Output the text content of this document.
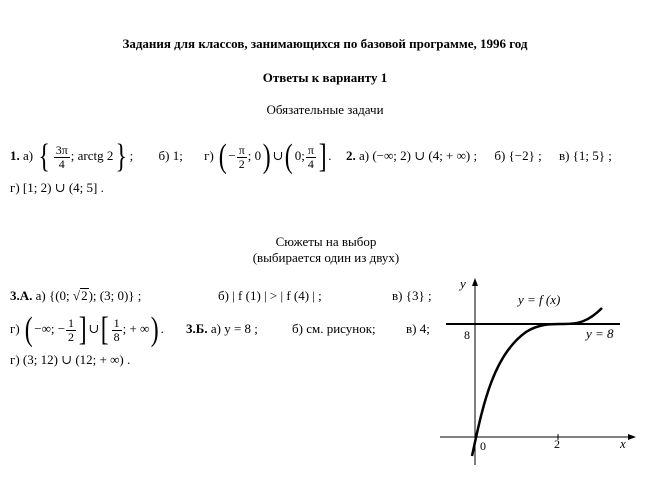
Задания для классов, занимающихся по базовой программе, 1996 год
Ответы к варианту 1
Обязательные задачи
1. а) { $\frac{3\pi}{4}$ ; arctg 2} ; б) 1; г) ( − $\frac{\pi}{2}$ ; 0) ∪( 0; $\frac{\pi}{4}$ ] . 2. а) (−∞; 2) ∪ (4; + ∞) ; б) {−2} ; в) {1; 5} ;
г) [1; 2) ∪ (4; 5] .
Сюжеты на выбор
(выбирается один из двух)
3.А. а) {(0; √2); (3; 0)} ;	б) | f (1) | > | f (4) | ;	в) {3} ;
г) ( −∞; − $\frac{1}{2}$ ] ∪[ $\frac{1}{8}$ ; + ∞) . 3.Б. а) y = 8 ;	б) см. рисунок; в) 4;
г) (3; 12) ∪ (12; + ∞) .
y
x
y = f (x)
y = 8
8
2
0
